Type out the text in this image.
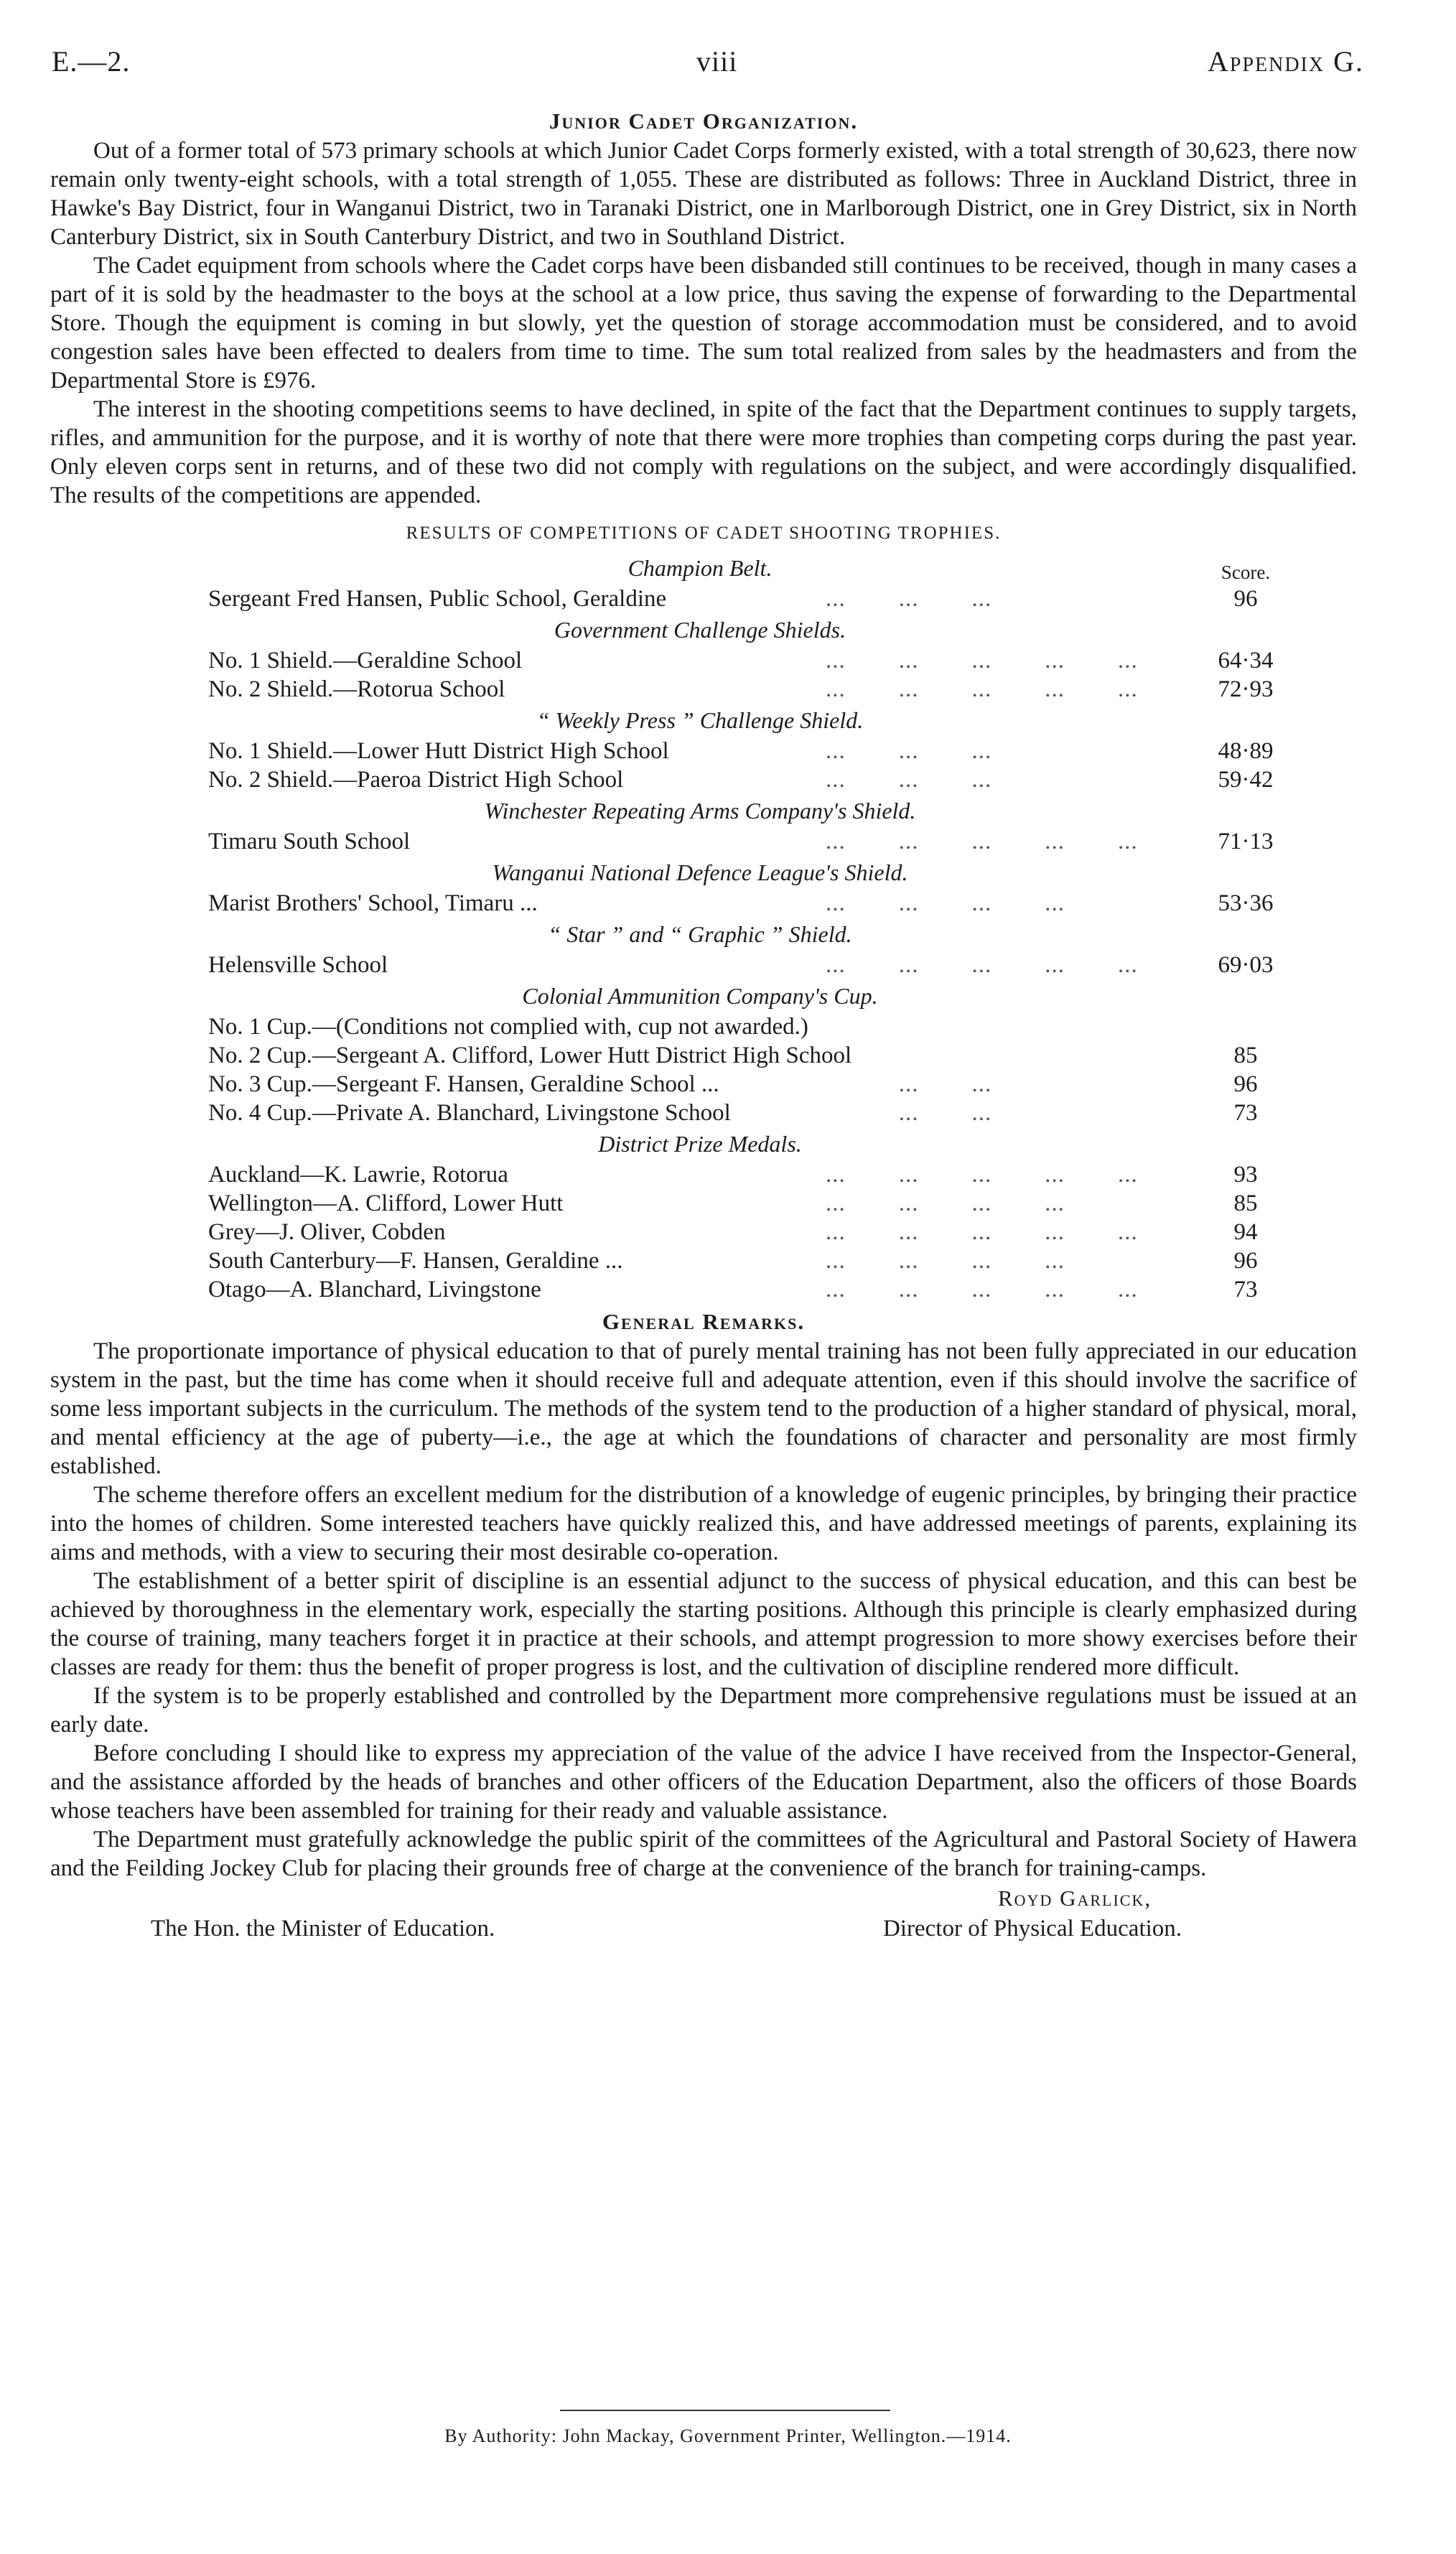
E.—2.	viii	Appendix G.
Junior Cadet Organization.

Out of a former total of 573 primary schools at which Junior Cadet Corps formerly existed, with a total strength of 30,623, there now remain only twenty-eight schools, with a total strength of 1,055. These are distributed as follows: Three in Auckland District, three in Hawke's Bay District, four in Wanganui District, two in Taranaki District, one in Marlborough District, one in Grey District, six in North Canterbury District, six in South Canterbury District, and two in Southland District.

The Cadet equipment from schools where the Cadet corps have been disbanded still continues to be received, though in many cases a part of it is sold by the headmaster to the boys at the school at a low price, thus saving the expense of forwarding to the Departmental Store. Though the equipment is coming in but slowly, yet the question of storage accommodation must be considered, and to avoid congestion sales have been effected to dealers from time to time. The sum total realized from sales by the headmasters and from the Departmental Store is £976.

The interest in the shooting competitions seems to have declined, in spite of the fact that the Department continues to supply targets, rifles, and ammunition for the purpose, and it is worthy of note that there were more trophies than competing corps during the past year. Only eleven corps sent in returns, and of these two did not comply with regulations on the subject, and were accordingly disqualified. The results of the competitions are appended.

RESULTS OF COMPETITIONS OF CADET SHOOTING TROPHIES.
Champion Belt.	Score.
Sergeant Fred Hansen, Public School, Geraldine	...        ...        ...	96
Government Challenge Shields.
No. 1 Shield.—Geraldine School	...        ...        ...        ...        ...	64·34
No. 2 Shield.—Rotorua School	...        ...        ...        ...        ...	72·93
“ Weekly Press ” Challenge Shield.
No. 1 Shield.—Lower Hutt District High School	...        ...        ...	48·89
No. 2 Shield.—Paeroa District High School	...        ...        ...	59·42
Winchester Repeating Arms Company's Shield.
Timaru South School	...        ...        ...        ...        ...	71·13
Wanganui National Defence League's Shield.
Marist Brothers' School, Timaru ...	...        ...        ...        ...	53·36
“ Star ” and “ Graphic ” Shield.
Helensville School	...        ...        ...        ...        ...	69·03
Colonial Ammunition Company's Cup.
No. 1 Cup.—(Conditions not complied with, cup not awarded.)
No. 2 Cup.—Sergeant A. Clifford, Lower Hutt District High School	85
No. 3 Cup.—Sergeant F. Hansen, Geraldine School ...	...        ...	96
No. 4 Cup.—Private A. Blanchard, Livingstone School	...        ...	73
District Prize Medals.
Auckland—K. Lawrie, Rotorua	...        ...        ...        ...        ...	93
Wellington—A. Clifford, Lower Hutt	...        ...        ...        ...	85
Grey—J. Oliver, Cobden	...        ...        ...        ...        ...	94
South Canterbury—F. Hansen, Geraldine ...	...        ...        ...        ...	96
Otago—A. Blanchard, Livingstone	...        ...        ...        ...        ...	73
General Remarks.

The proportionate importance of physical education to that of purely mental training has not been fully appreciated in our education system in the past, but the time has come when it should receive full and adequate attention, even if this should involve the sacrifice of some less important subjects in the curriculum. The methods of the system tend to the production of a higher standard of physical, moral, and mental efficiency at the age of puberty—i.e., the age at which the foundations of character and personality are most firmly established.

The scheme therefore offers an excellent medium for the distribution of a knowledge of eugenic principles, by bringing their practice into the homes of children. Some interested teachers have quickly realized this, and have addressed meetings of parents, explaining its aims and methods, with a view to securing their most desirable co-operation.

The establishment of a better spirit of discipline is an essential adjunct to the success of physical education, and this can best be achieved by thoroughness in the elementary work, especially the starting positions. Although this principle is clearly emphasized during the course of training, many teachers forget it in practice at their schools, and attempt progression to more showy exercises before their classes are ready for them: thus the benefit of proper progress is lost, and the cultivation of discipline rendered more difficult.

If the system is to be properly established and controlled by the Department more comprehensive regulations must be issued at an early date.

Before concluding I should like to express my appreciation of the value of the advice I have received from the Inspector-General, and the assistance afforded by the heads of branches and other officers of the Education Department, also the officers of those Boards whose teachers have been assembled for training for their ready and valuable assistance.

The Department must gratefully acknowledge the public spirit of the committees of the Agricultural and Pastoral Society of Hawera and the Feilding Jockey Club for placing their grounds free of charge at the convenience of the branch for training-camps.

Royd Garlick,
The Hon. the Minister of Education.	Director of Physical Education.
By Authority: John Mackay, Government Printer, Wellington.—1914.
